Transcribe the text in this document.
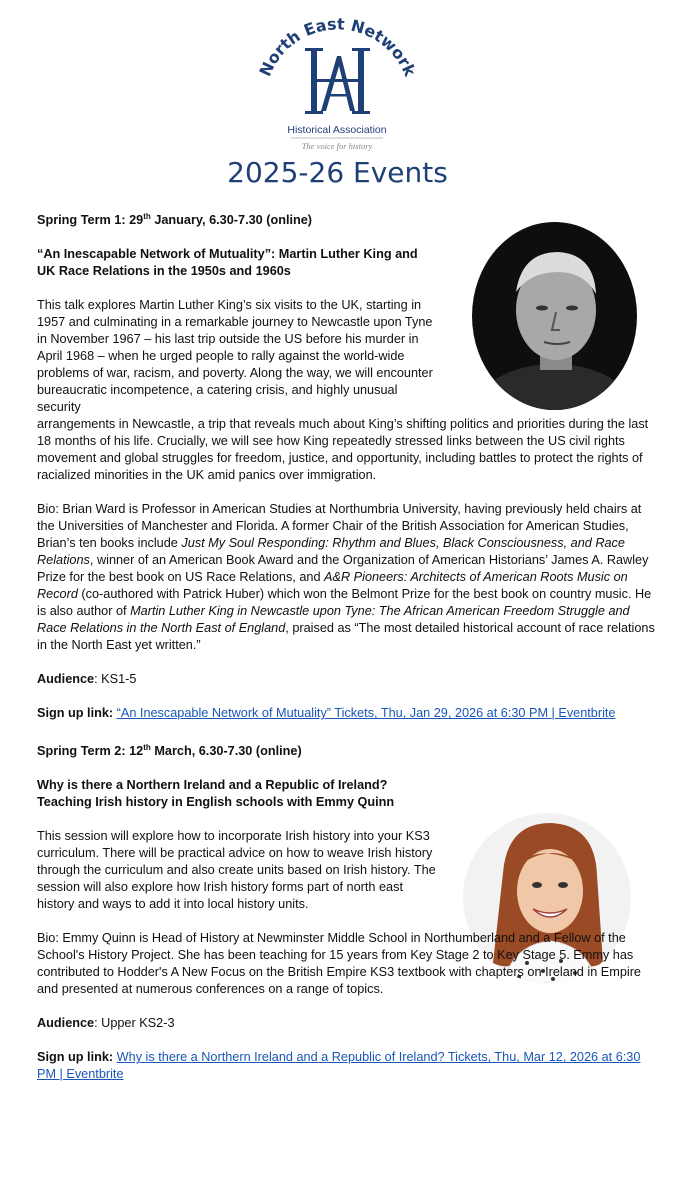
North East Network
Historical Association
The voice for history
2025-26 Events

Spring Term 1: 29th January, 6.30-7.30 (online)

“An Inescapable Network of Mutuality”: Martin Luther King and
UK Race Relations in the 1950s and 1960s

This talk explores Martin Luther King’s six visits to the UK, starting in 1957 and culminating in a remarkable journey to Newcastle upon Tyne in November 1967 – his last trip outside the US before his murder in April 1968 – when he urged people to rally against the world-wide problems of war, racism, and poverty. Along the way, we will encounter bureaucratic incompetence, a catering crisis, and highly unusual security

arrangements in Newcastle, a trip that reveals much about King’s shifting politics and priorities during the last 18 months of his life. Crucially, we will see how King repeatedly stressed links between the US civil rights movement and global struggles for freedom, justice, and opportunity, including battles to protect the rights of racialized minorities in the UK amid panics over immigration.

Bio: Brian Ward is Professor in American Studies at Northumbria University, having previously held chairs at the Universities of Manchester and Florida. A former Chair of the British Association for American Studies, Brian’s ten books include Just My Soul Responding: Rhythm and Blues, Black Consciousness, and Race Relations, winner of an American Book Award and the Organization of American Historians’ James A. Rawley Prize for the best book on US Race Relations, and A&R Pioneers: Architects of American Roots Music on Record (co-authored with Patrick Huber) which won the Belmont Prize for the best book on country music. He is also author of Martin Luther King in Newcastle upon Tyne: The African American Freedom Struggle and Race Relations in the North East of England, praised as “The most detailed historical account of race relations in the North East yet written.”

Audience: KS1-5

Sign up link: “An Inescapable Network of Mutuality” Tickets, Thu, Jan 29, 2026 at 6:30 PM | Eventbrite

Spring Term 2: 12th March, 6.30-7.30 (online)

Why is there a Northern Ireland and a Republic of Ireland?
Teaching Irish history in English schools with Emmy Quinn

This session will explore how to incorporate Irish history into your KS3 curriculum. There will be practical advice on how to weave Irish history through the curriculum and also create units based on Irish history. The session will also explore how Irish history forms part of north east history and ways to add it into local history units.

Bio: Emmy Quinn is Head of History at Newminster Middle School in Northumberland and a Fellow of the School's History Project. She has been teaching for 15 years from Key Stage 2 to Key Stage 5. Emmy has contributed to Hodder's A New Focus on the British Empire KS3 textbook with chapters on Ireland in Empire and presented at numerous conferences on a range of topics.

Audience: Upper KS2-3

Sign up link: Why is there a Northern Ireland and a Republic of Ireland? Tickets, Thu, Mar 12, 2026 at 6:30 PM | Eventbrite
